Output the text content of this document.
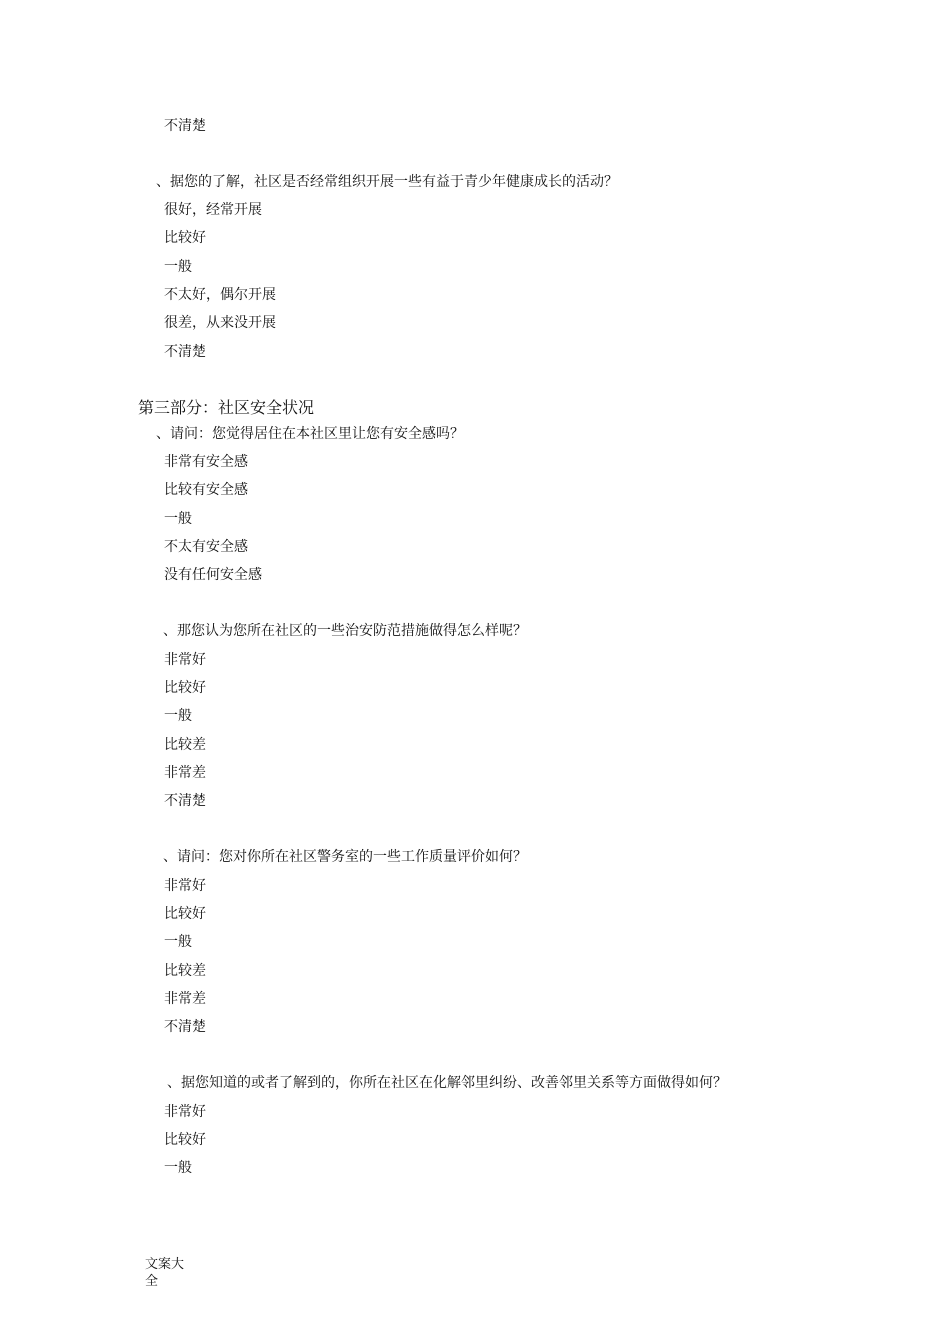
不清楚
、据您的了解，社区是否经常组织开展一些有益于青少年健康成长的活动？
很好，经常开展
比较好
一般
不太好，偶尔开展
很差，从来没开展
不清楚
第三部分：社区安全状况
、请问：您觉得居住在本社区里让您有安全感吗？
非常有安全感
比较有安全感
一般
不太有安全感
没有任何安全感
、那您认为您所在社区的一些治安防范措施做得怎么样呢？
非常好
比较好
一般
比较差
非常差
不清楚
、请问：您对你所在社区警务室的一些工作质量评价如何？
非常好
比较好
一般
比较差
非常差
不清楚
、据您知道的或者了解到的，你所在社区在化解邻里纠纷、改善邻里关系等方面做得如何？
非常好
比较好
一般
文案大全
